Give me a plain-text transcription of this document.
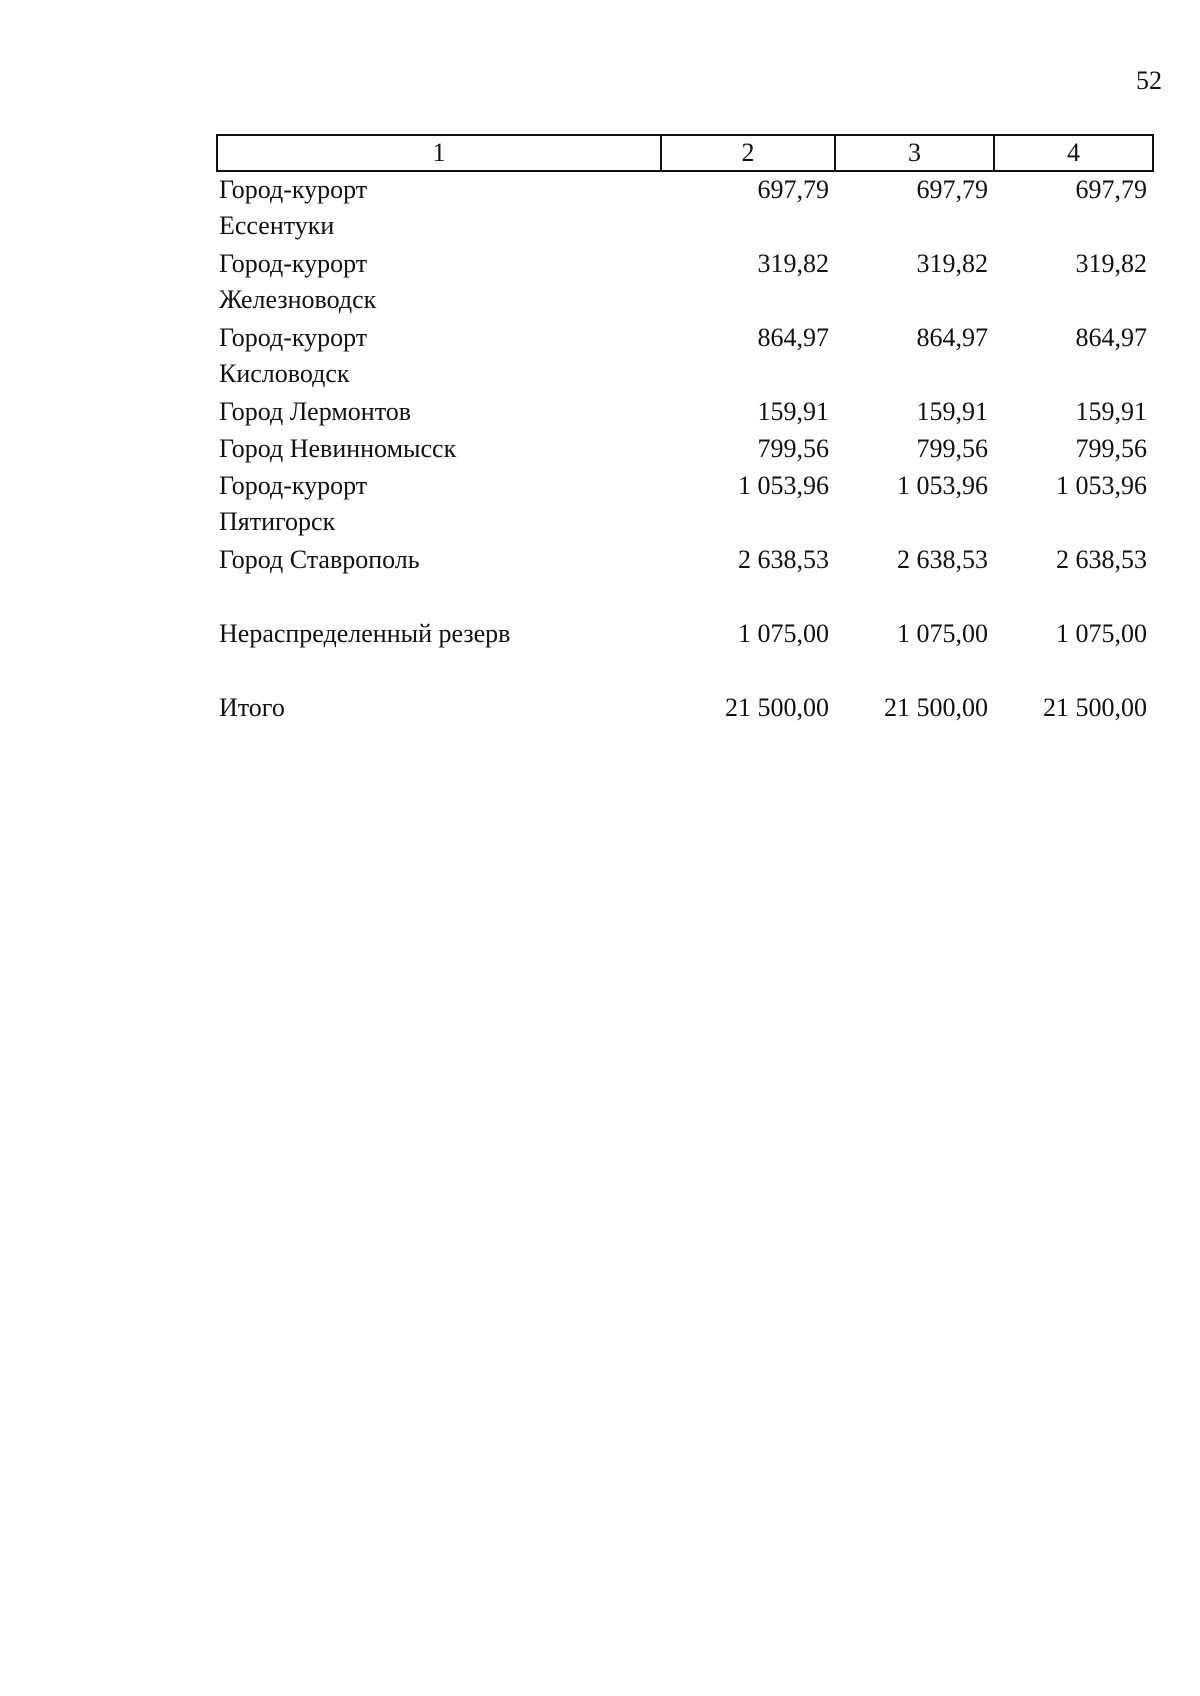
52
1	2	3	4

Город-курорт
Ессентуки	697,79	697,79	697,79

Город-курорт
Железноводск	319,82	319,82	319,82

Город-курорт
Кисловодск	864,97	864,97	864,97
Город Лермонтов	159,91	159,91	159,91
Город Невинномысск	799,56	799,56	799,56

Город-курорт
Пятигорск	1 053,96	1 053,96	1 053,96
Город Ставрополь	2 638,53	2 638,53	2 638,53

Нераспределенный резерв	1 075,00	1 075,00	1 075,00

Итого	21 500,00	21 500,00	21 500,00
